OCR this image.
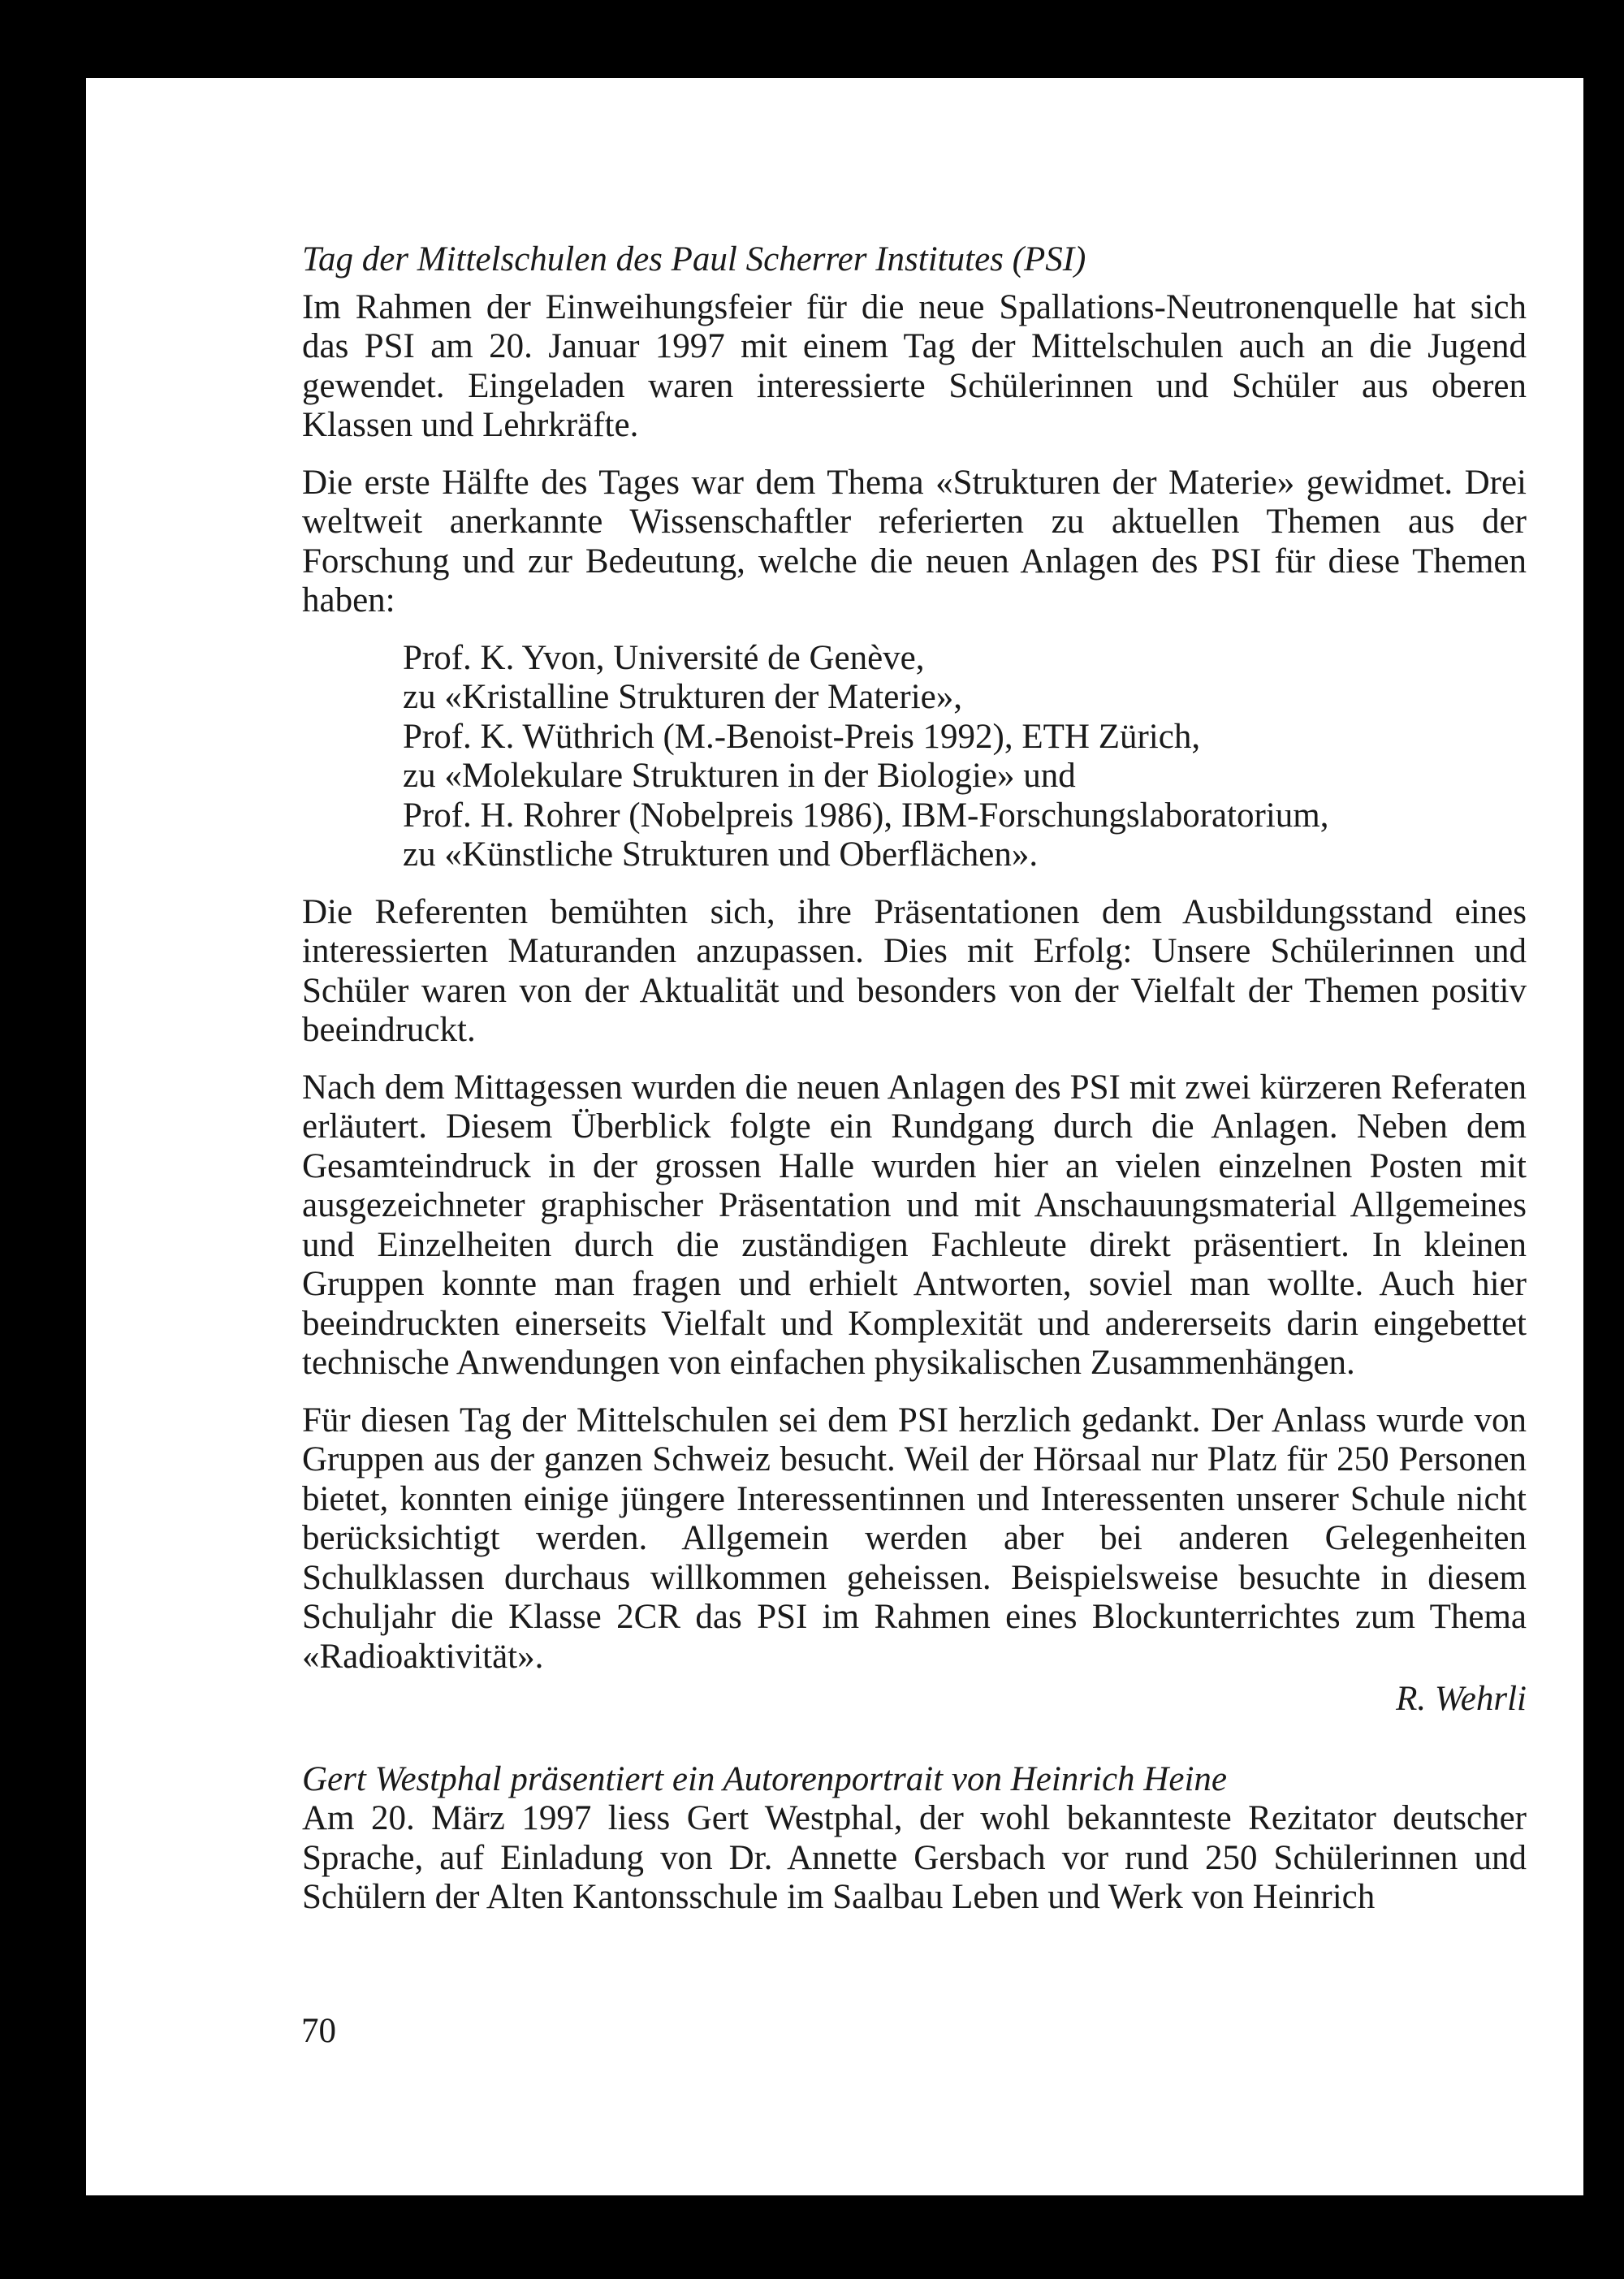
Tag der Mittelschulen des Paul Scherrer Institutes (PSI)

Im Rahmen der Einweihungsfeier für die neue Spallations-Neutronenquelle hat sich das PSI am 20. Januar 1997 mit einem Tag der Mittelschulen auch an die Jugend gewendet. Eingeladen waren interessierte Schülerinnen und Schüler aus oberen Klassen und Lehrkräfte.

Die erste Hälfte des Tages war dem Thema «Strukturen der Materie» gewidmet. Drei weltweit anerkannte Wissenschaftler referierten zu aktuellen Themen aus der Forschung und zur Bedeutung, welche die neuen Anlagen des PSI für diese Themen haben:

Prof. K. Yvon, Université de Genève,
zu «Kristalline Strukturen der Materie»,
Prof. K. Wüthrich (M.-Benoist-Preis 1992), ETH Zürich,
zu «Molekulare Strukturen in der Biologie» und
Prof. H. Rohrer (Nobelpreis 1986), IBM-Forschungslaboratorium,
zu «Künstliche Strukturen und Oberflächen».

Die Referenten bemühten sich, ihre Präsentationen dem Ausbildungsstand eines interessierten Maturanden anzupassen. Dies mit Erfolg: Unsere Schülerinnen und Schüler waren von der Aktualität und besonders von der Vielfalt der Themen positiv beeindruckt.

Nach dem Mittagessen wurden die neuen Anlagen des PSI mit zwei kürzeren Referaten erläutert. Diesem Überblick folgte ein Rundgang durch die Anlagen. Neben dem Gesamteindruck in der grossen Halle wurden hier an vielen einzelnen Posten mit ausgezeichneter graphischer Präsentation und mit Anschauungsmaterial Allgemeines und Einzelheiten durch die zuständigen Fachleute direkt präsentiert. In kleinen Gruppen konnte man fragen und erhielt Antworten, soviel man wollte. Auch hier beeindruckten einerseits Vielfalt und Komplexität und andererseits darin eingebettet technische Anwendungen von einfachen physikalischen Zusammenhängen.

Für diesen Tag der Mittelschulen sei dem PSI herzlich gedankt. Der Anlass wurde von Gruppen aus der ganzen Schweiz besucht. Weil der Hörsaal nur Platz für 250 Personen bietet, konnten einige jüngere Interessentinnen und Interessenten unserer Schule nicht berücksichtigt werden. Allgemein werden aber bei anderen Gelegenheiten Schulklassen durchaus willkommen geheissen. Beispielsweise besuchte in diesem Schuljahr die Klasse 2CR das PSI im Rahmen eines Blockunterrichtes zum Thema «Radioaktivität».

R. Wehrli
Gert Westphal präsentiert ein Autorenportrait von Heinrich Heine

Am 20. März 1997 liess Gert Westphal, der wohl bekannteste Rezitator deutscher Sprache, auf Einladung von Dr. Annette Gersbach vor rund 250 Schülerinnen und Schülern der Alten Kantonsschule im Saalbau Leben und Werk von Heinrich

70
